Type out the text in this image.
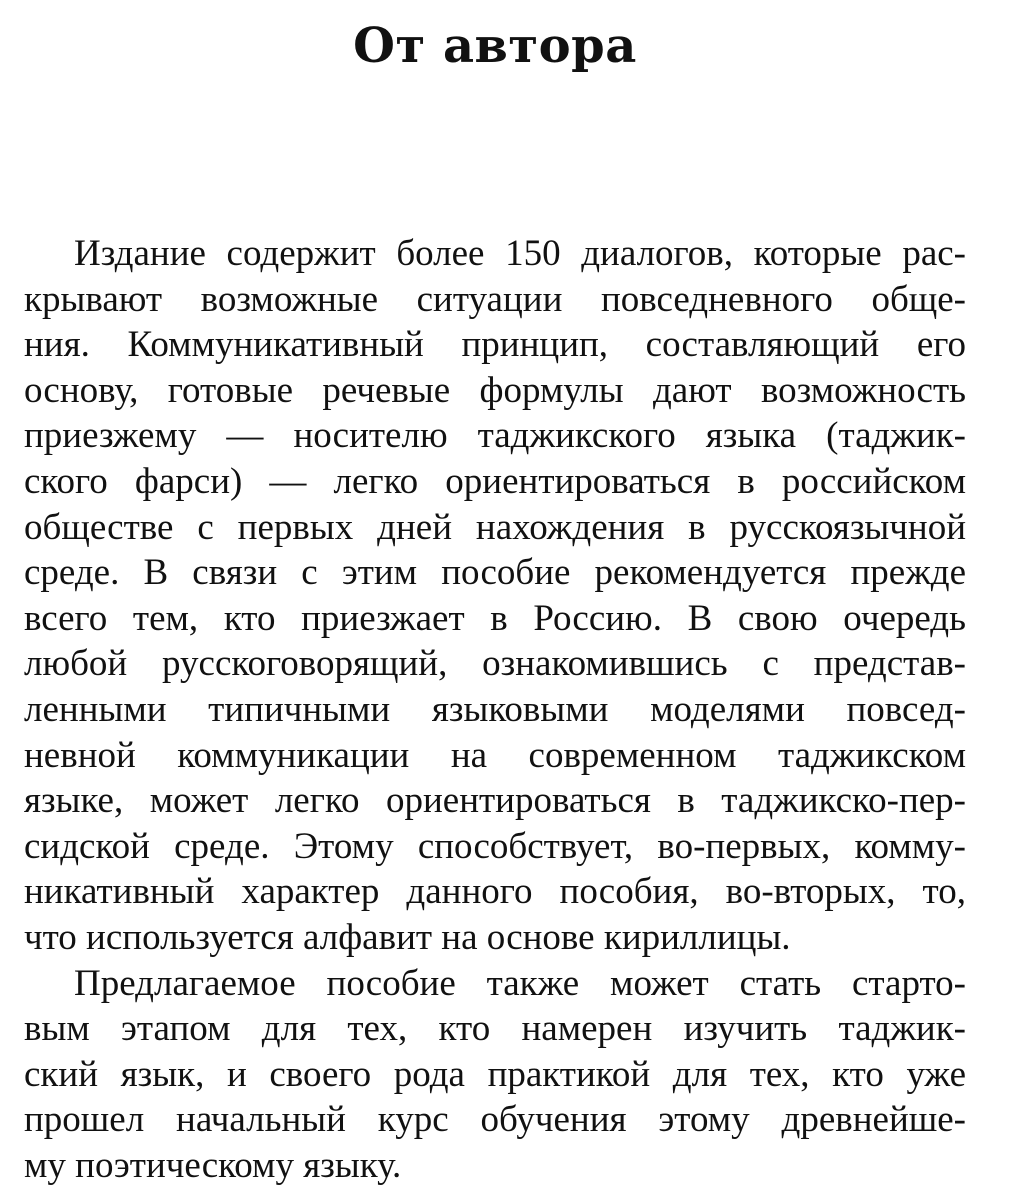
От автора
Издание содержит более 150 диалогов, которые рас-
крывают возможные ситуации повседневного обще-
ния. Коммуникативный принцип, составляющий его
основу, готовые речевые формулы дают возможность
приезжему — носителю таджикского языка (таджик-
ского фарси) — легко ориентироваться в российском
обществе с первых дней нахождения в русскоязычной
среде. В связи с этим пособие рекомендуется прежде
всего тем, кто приезжает в Россию. В свою очередь
любой русскоговорящий, ознакомившись с представ-
ленными типичными языковыми моделями повсед-
невной коммуникации на современном таджикском
языке, может легко ориентироваться в таджикско-пер-
сидской среде. Этому способствует, во-первых, комму-
никативный характер данного пособия, во-вторых, то,
что используется алфавит на основе кириллицы.
Предлагаемое пособие также может стать старто-
вым этапом для тех, кто намерен изучить таджик-
ский язык, и своего рода практикой для тех, кто уже
прошел начальный курс обучения этому древнейше-
му поэтическому языку.
